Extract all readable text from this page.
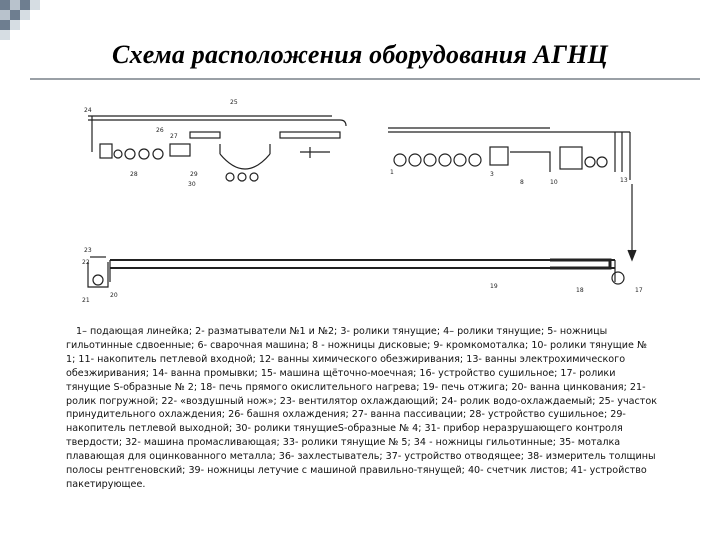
Схема расположения оборудования АГНЦ
24
25
26
27
28	29
30
1	3
8	10	13
17
18
19
20
21
22
23
1– подающая линейка; 2- разматыватели №1 и №2; 3- ролики тянущие; 4– ролики тянущие; 5- ножницы гильотинные сдвоенные; 6- сварочная машина; 8 - ножницы дисковые; 9- кромкомоталка; 10- ролики тянущие № 1; 11- накопитель петлевой входной; 12- ванны химического обезжиривания; 13- ванны электрохимического обезжиривания; 14- ванна промывки; 15- машина щёточно-моечная; 16- устройство сушильное; 17- ролики тянущие S-образные № 2; 18- печь прямого окислительного нагрева; 19- печь отжига; 20- ванна цинкования; 21- ролик погружной; 22- «воздушный нож»; 23- вентилятор охлаждающий; 24- ролик водо-охлаждаемый; 25- участок принудительного охлаждения; 26- башня охлаждения; 27- ванна пассивации; 28- устройство сушильное; 29- накопитель петлевой выходной; 30- ролики тянущиеS-образные № 4; 31- прибор неразрушающего контроля твердости; 32- машина промасливающая; 33- ролики тянущие № 5; 34 - ножницы гильотинные; 35- моталка плавающая для оцинкованного металла; 36- захлестыватель; 37- устройство отводящее; 38- измеритель толщины полосы рентгеновский; 39- ножницы летучие с машиной правильно-тянущей; 40- счетчик листов; 41- устройство пакетирующее.
